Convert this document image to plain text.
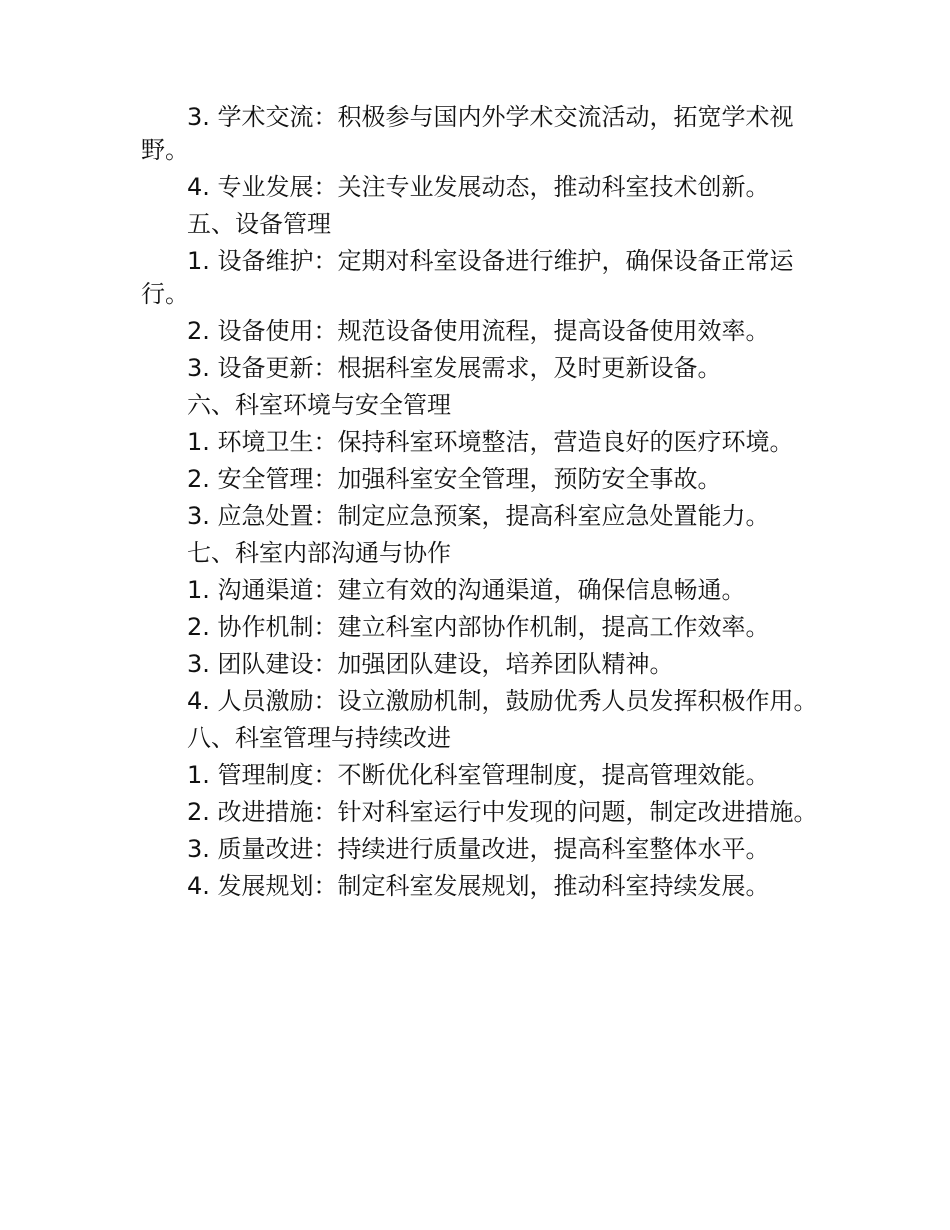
3. 学术交流：积极参与国内外学术交流活动，拓宽学术视野。

4. 专业发展：关注专业发展动态，推动科室技术创新。

五、设备管理

1. 设备维护：定期对科室设备进行维护，确保设备正常运行。

2. 设备使用：规范设备使用流程，提高设备使用效率。

3. 设备更新：根据科室发展需求，及时更新设备。

六、科室环境与安全管理

1. 环境卫生：保持科室环境整洁，营造良好的医疗环境。

2. 安全管理：加强科室安全管理，预防安全事故。

3. 应急处置：制定应急预案，提高科室应急处置能力。

七、科室内部沟通与协作

1. 沟通渠道：建立有效的沟通渠道，确保信息畅通。

2. 协作机制：建立科室内部协作机制，提高工作效率。

3. 团队建设：加强团队建设，培养团队精神。

4. 人员激励：设立激励机制，鼓励优秀人员发挥积极作用。

八、科室管理与持续改进

1. 管理制度：不断优化科室管理制度，提高管理效能。

2. 改进措施：针对科室运行中发现的问题，制定改进措施。

3. 质量改进：持续进行质量改进，提高科室整体水平。

4. 发展规划：制定科室发展规划，推动科室持续发展。
